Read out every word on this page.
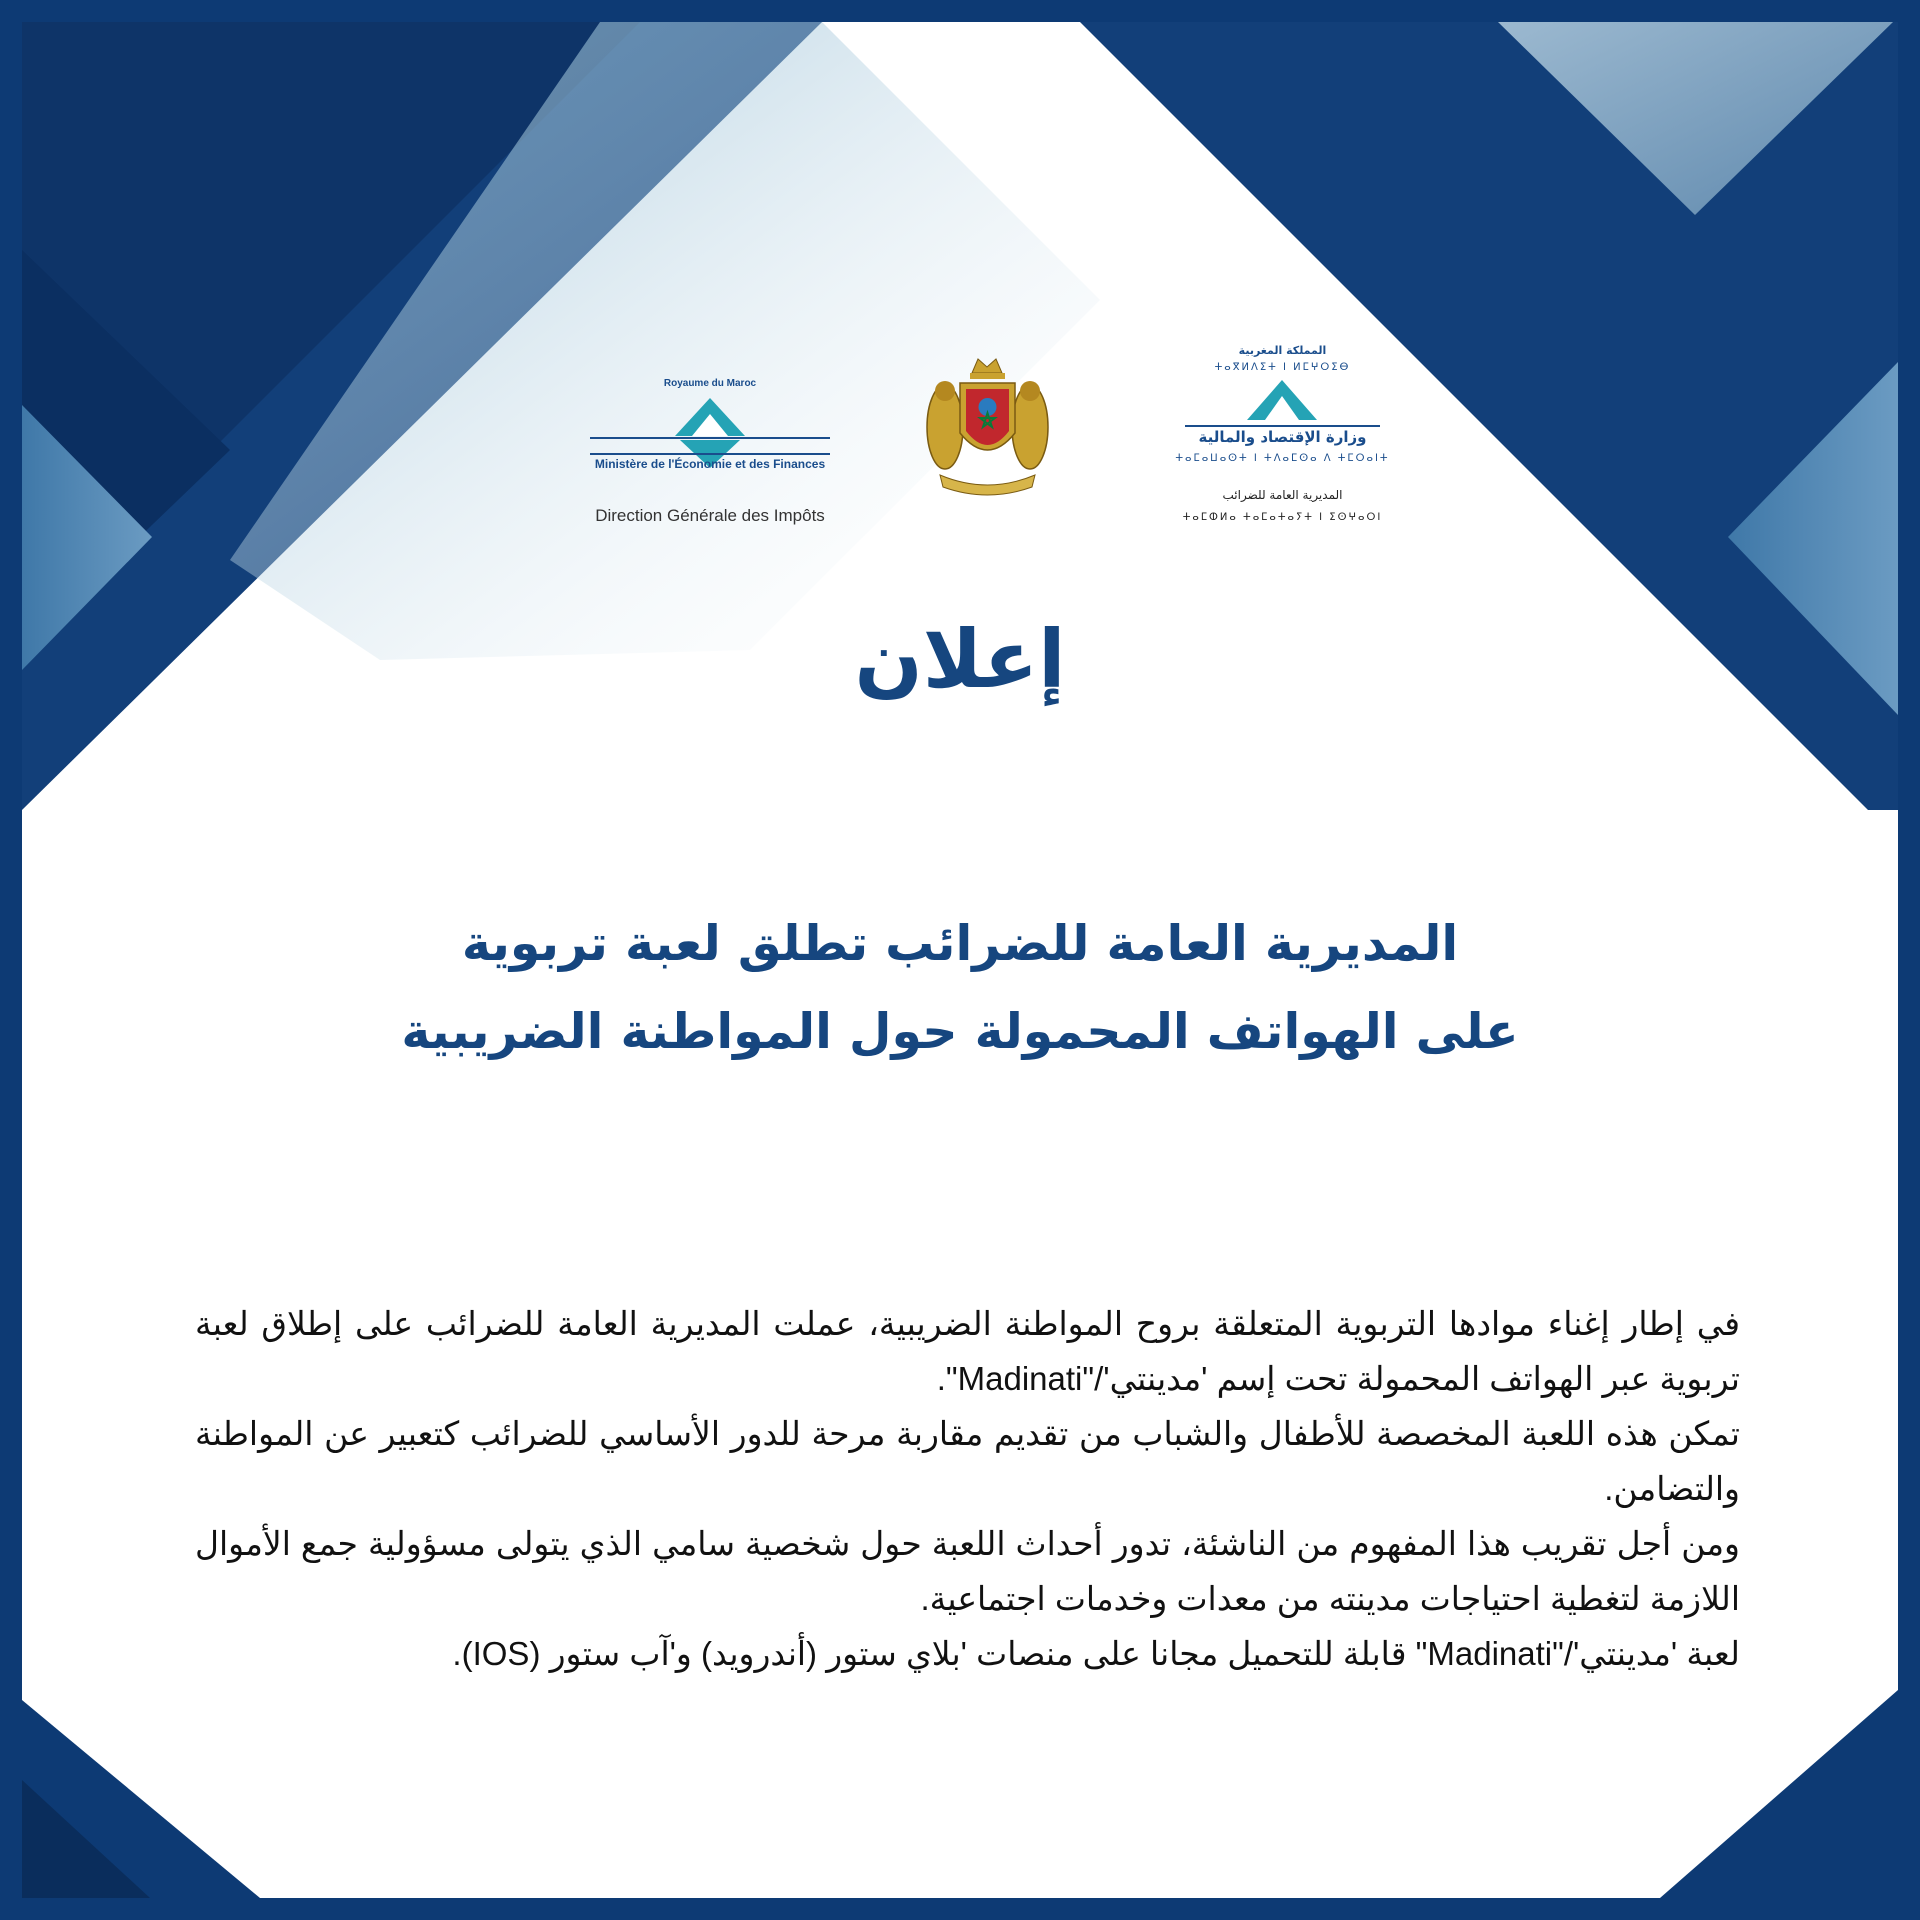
Royaume du Maroc
Ministère de l'Économie et des Finances
Direction Générale des Impôts
المملكة المغربية
ⵜⴰⴳⵍⴷⵉⵜ ⵏ ⵍⵎⵖⵔⵉⴱ
وزارة الإقتصاد والمالية
ⵜⴰⵎⴰⵡⴰⵙⵜ ⵏ ⵜⴷⴰⵎⵙⴰ ⴷ ⵜⵎⵔⴰⵏⵜ
المديرية العامة للضرائب
ⵜⴰⵎⵀⵍⴰ ⵜⴰⵎⴰⵜⴰⵢⵜ ⵏ ⵉⵙⵖⴰⵔⵏ
إعلان
المديرية العامة للضرائب تطلق لعبة تربوية
على الهواتف المحمولة حول المواطنة الضريبية

في إطار إغناء موادها التربوية المتعلقة بروح المواطنة الضريبية، عملت المديرية العامة للضرائب على إطلاق لعبة تربوية عبر الهواتف المحمولة تحت إسم 'مدينتي'/"Madinati".

تمكن هذه اللعبة المخصصة للأطفال والشباب من تقديم مقاربة مرحة للدور الأساسي للضرائب كتعبير عن المواطنة والتضامن.

ومن أجل تقريب هذا المفهوم من الناشئة، تدور أحداث اللعبة حول شخصية سامي الذي يتولى مسؤولية جمع الأموال اللازمة لتغطية احتياجات مدينته من معدات وخدمات اجتماعية.

لعبة 'مدينتي'/"Madinati" قابلة للتحميل مجانا على منصات 'بلاي ستور (أندرويد) و'آب ستور (IOS).
